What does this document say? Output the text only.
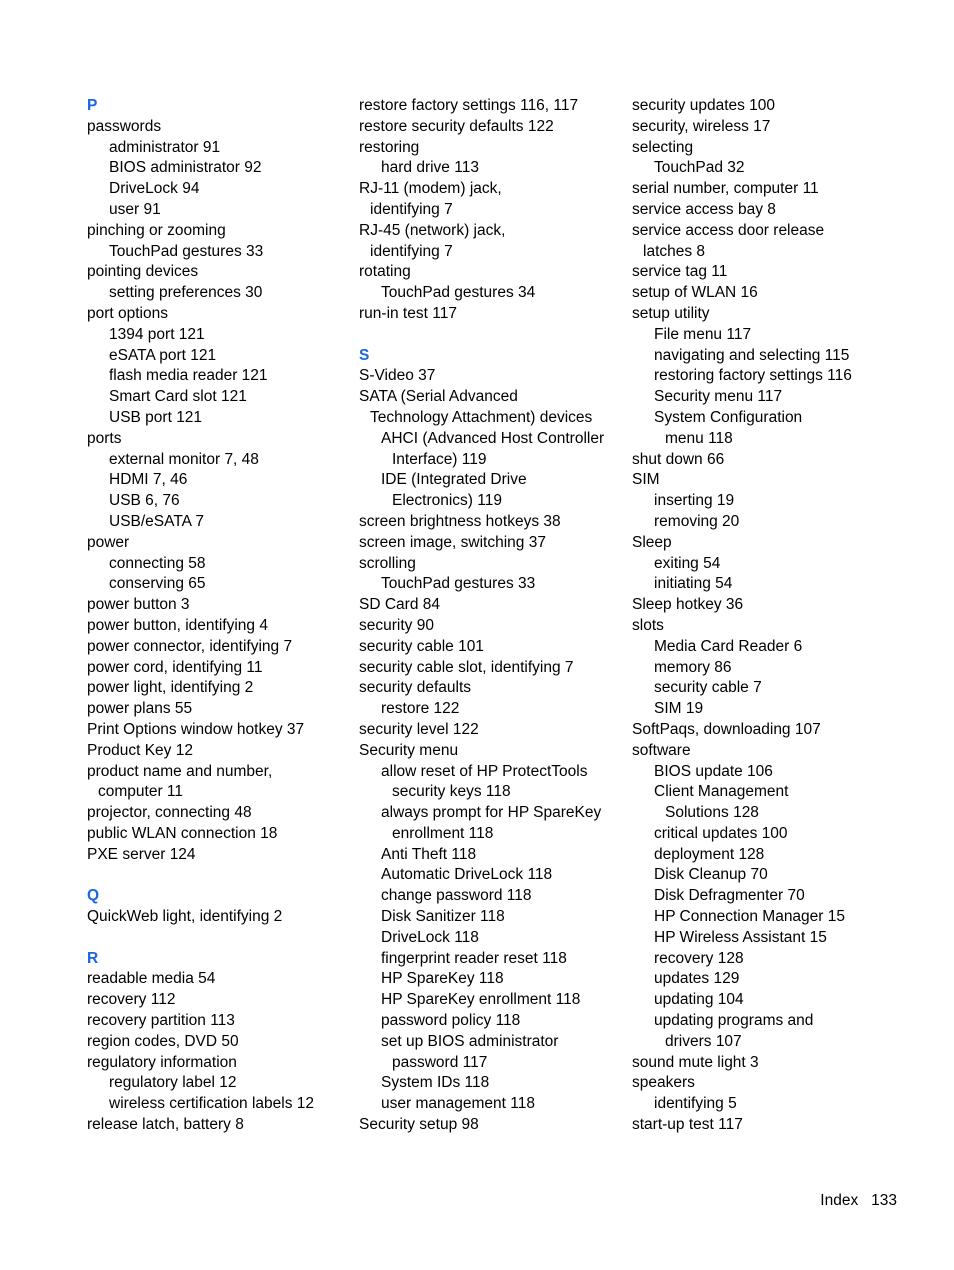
P
passwords
administrator 91
BIOS administrator 92
DriveLock 94
user 91
pinching or zooming
TouchPad gestures 33
pointing devices
setting preferences 30
port options
1394 port 121
eSATA port 121
flash media reader 121
Smart Card slot 121
USB port 121
ports
external monitor 7, 48
HDMI 7, 46
USB 6, 76
USB/eSATA 7
power
connecting 58
conserving 65
power button 3
power button, identifying 4
power connector, identifying 7
power cord, identifying 11
power light, identifying 2
power plans 55
Print Options window hotkey 37
Product Key 12
product name and number,
computer 11
projector, connecting 48
public WLAN connection 18
PXE server 124
Q
QuickWeb light, identifying 2
R
readable media 54
recovery 112
recovery partition 113
region codes, DVD 50
regulatory information
regulatory label 12
wireless certification labels 12
release latch, battery 8
restore factory settings 116, 117
restore security defaults 122
restoring
hard drive 113
RJ-11 (modem) jack,
identifying 7
RJ-45 (network) jack,
identifying 7
rotating
TouchPad gestures 34
run-in test 117
S
S-Video 37
SATA (Serial Advanced
Technology Attachment) devices
AHCI (Advanced Host Controller
Interface) 119
IDE (Integrated Drive
Electronics) 119
screen brightness hotkeys 38
screen image, switching 37
scrolling
TouchPad gestures 33
SD Card 84
security 90
security cable 101
security cable slot, identifying 7
security defaults
restore 122
security level 122
Security menu
allow reset of HP ProtectTools
security keys 118
always prompt for HP SpareKey
enrollment 118
Anti Theft 118
Automatic DriveLock 118
change password 118
Disk Sanitizer 118
DriveLock 118
fingerprint reader reset 118
HP SpareKey 118
HP SpareKey enrollment 118
password policy 118
set up BIOS administrator
password 117
System IDs 118
user management 118
Security setup 98
security updates 100
security, wireless 17
selecting
TouchPad 32
serial number, computer 11
service access bay 8
service access door release
latches 8
service tag 11
setup of WLAN 16
setup utility
File menu 117
navigating and selecting 115
restoring factory settings 116
Security menu 117
System Configuration
menu 118
shut down 66
SIM
inserting 19
removing 20
Sleep
exiting 54
initiating 54
Sleep hotkey 36
slots
Media Card Reader 6
memory 86
security cable 7
SIM 19
SoftPaqs, downloading 107
software
BIOS update 106
Client Management
Solutions 128
critical updates 100
deployment 128
Disk Cleanup 70
Disk Defragmenter 70
HP Connection Manager 15
HP Wireless Assistant 15
recovery 128
updates 129
updating 104
updating programs and
drivers 107
sound mute light 3
speakers
identifying 5
start-up test 117
Index   133
